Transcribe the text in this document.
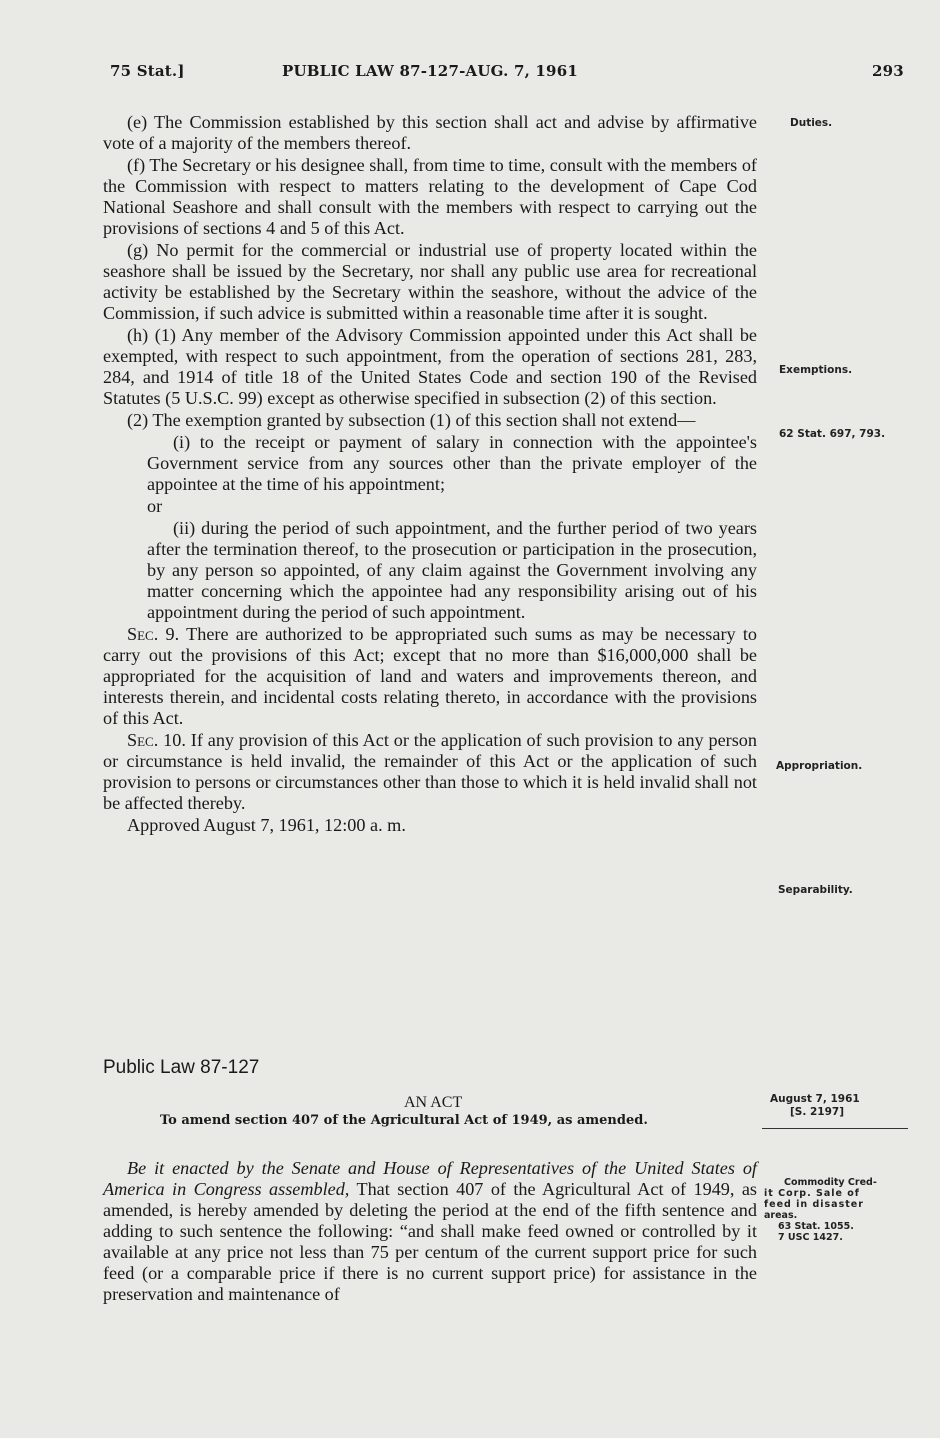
75 Stat.]	PUBLIC LAW 87-127-AUG. 7, 1961	293

(e) The Commission established by this section shall act and advise by affirmative vote of a majority of the members thereof.

(f) The Secretary or his designee shall, from time to time, consult with the members of the Commission with respect to matters relating to the development of Cape Cod National Seashore and shall consult with the members with respect to carrying out the provisions of sections 4 and 5 of this Act.

(g) No permit for the commercial or industrial use of property located within the seashore shall be issued by the Secretary, nor shall any public use area for recreational activity be established by the Secretary within the seashore, without the advice of the Commission, if such advice is submitted within a reasonable time after it is sought.

(h) (1) Any member of the Advisory Commission appointed under this Act shall be exempted, with respect to such appointment, from the operation of sections 281, 283, 284, and 1914 of title 18 of the United States Code and section 190 of the Revised Statutes (5 U.S.C. 99) except as otherwise specified in subsection (2) of this section.

(2) The exemption granted by subsection (1) of this section shall not extend—

(i) to the receipt or payment of salary in connection with the appointee's Government service from any sources other than the private employer of the appointee at the time of his appointment;

or

(ii) during the period of such appointment, and the further period of two years after the termination thereof, to the prosecution or participation in the prosecution, by any person so appointed, of any claim against the Government involving any matter concerning which the appointee had any responsibility arising out of his appointment during the period of such appointment.

Sec. 9. There are authorized to be appropriated such sums as may be necessary to carry out the provisions of this Act; except that no more than $16,000,000 shall be appropriated for the acquisition of land and waters and improvements thereon, and interests therein, and incidental costs relating thereto, in accordance with the provisions of this Act.

Sec. 10. If any provision of this Act or the application of such provision to any person or circumstance is held invalid, the remainder of this Act or the application of such provision to persons or circumstances other than those to which it is held invalid shall not be affected thereby.

Approved August 7, 1961, 12:00 a. m.

Duties.
Exemptions.
62 Stat. 697, 793.
Appropriation.
Separability.
August 7, 1961
[S. 2197]
Commodity Cred-
it Corp. Sale of
feed in disaster
areas.
63 Stat. 1055.
7 USC 1427.
Public Law 87-127
AN ACT
To amend section 407 of the Agricultural Act of 1949, as amended.

Be it enacted by the Senate and House of Representatives of the United States of America in Congress assembled, That section 407 of the Agricultural Act of 1949, as amended, is hereby amended by deleting the period at the end of the fifth sentence and adding to such sentence the following: “and shall make feed owned or controlled by it available at any price not less than 75 per centum of the current support price for such feed (or a comparable price if there is no current support price) for assistance in the preservation and maintenance of
